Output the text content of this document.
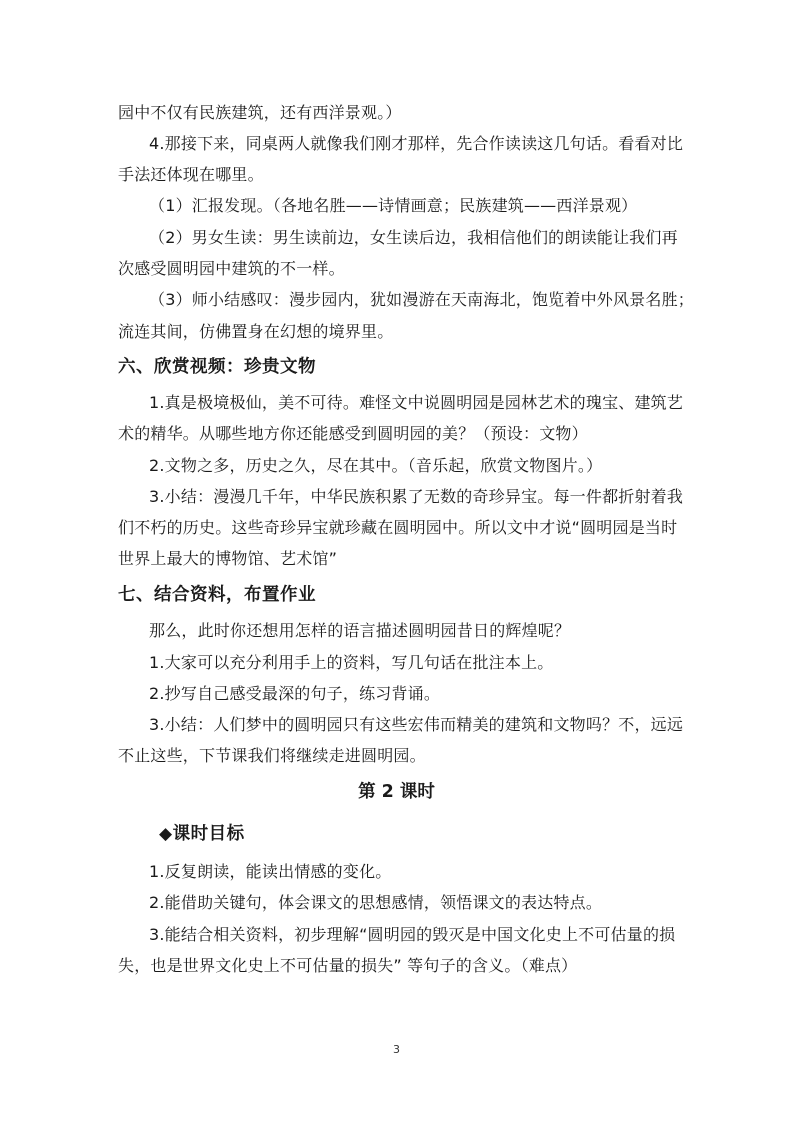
园中不仅有民族建筑，还有西洋景观。）
4.那接下来，同桌两人就像我们刚才那样，先合作读读这几句话。看看对比
手法还体现在哪里。
（1）汇报发现。（各地名胜——诗情画意；民族建筑——西洋景观）
（2）男女生读：男生读前边，女生读后边，我相信他们的朗读能让我们再
次感受圆明园中建筑的不一样。
（3）师小结感叹：漫步园内，犹如漫游在天南海北，饱览着中外风景名胜；
流连其间，仿佛置身在幻想的境界里。
六、欣赏视频：珍贵文物
1.真是极境极仙，美不可待。难怪文中说圆明园是园林艺术的瑰宝、建筑艺
术的精华。从哪些地方你还能感受到圆明园的美？（预设：文物）
2.文物之多，历史之久，尽在其中。（音乐起，欣赏文物图片。）
3.小结：漫漫几千年，中华民族积累了无数的奇珍异宝。每一件都折射着我
们不朽的历史。这些奇珍异宝就珍藏在圆明园中。所以文中才说“圆明园是当时
世界上最大的博物馆、艺术馆”
七、结合资料，布置作业
那么，此时你还想用怎样的语言描述圆明园昔日的辉煌呢？
1.大家可以充分利用手上的资料，写几句话在批注本上。
2.抄写自己感受最深的句子，练习背诵。
3.小结：人们梦中的圆明园只有这些宏伟而精美的建筑和文物吗？不，远远
不止这些，下节课我们将继续走进圆明园。
第 2 课时
◆课时目标
1.反复朗读，能读出情感的变化。
2.能借助关键句，体会课文的思想感情，领悟课文的表达特点。
3.能结合相关资料，初步理解“圆明园的毁灭是中国文化史上不可估量的损
失，也是世界文化史上不可估量的损失” 等句子的含义。（难点）
3
